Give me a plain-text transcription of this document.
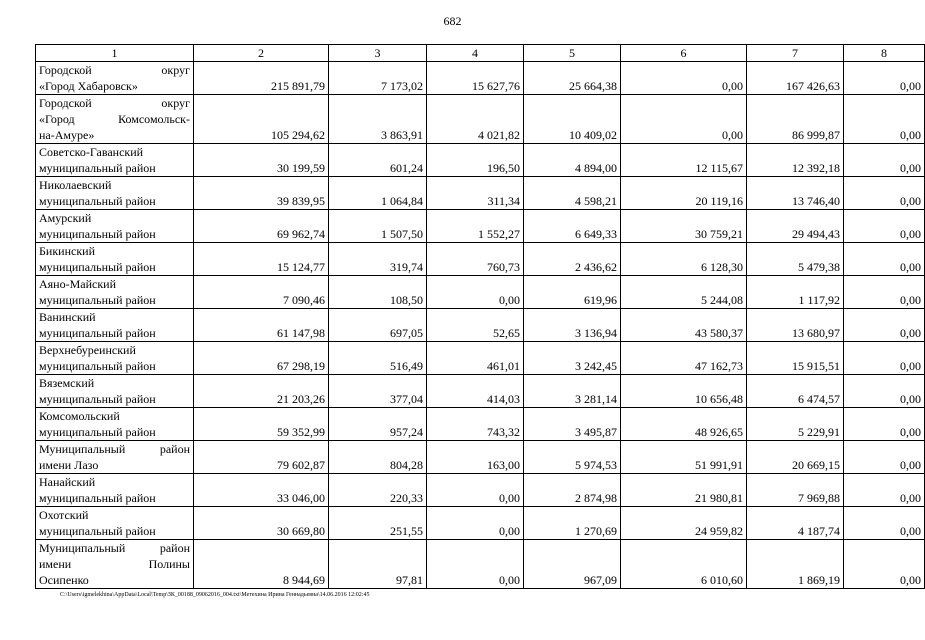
682
1	2	3	4	5	6	7	8

Городской округ
«Город Хабаровск»	215 891,79	7 173,02	15 627,76	25 664,38	0,00	167 426,63	0,00

Городской округ
«Город Комсомольск-
на-Амуре»	105 294,62	3 863,91	4 021,82	10 409,02	0,00	86 999,87	0,00

Советско-Гаванский
муниципальный район	30 199,59	601,24	196,50	4 894,00	12 115,67	12 392,18	0,00

Николаевский
муниципальный район	39 839,95	1 064,84	311,34	4 598,21	20 119,16	13 746,40	0,00

Амурский
муниципальный район	69 962,74	1 507,50	1 552,27	6 649,33	30 759,21	29 494,43	0,00

Бикинский
муниципальный район	15 124,77	319,74	760,73	2 436,62	6 128,30	5 479,38	0,00

Аяно-Майский
муниципальный район	7 090,46	108,50	0,00	619,96	5 244,08	1 117,92	0,00

Ванинский
муниципальный район	61 147,98	697,05	52,65	3 136,94	43 580,37	13 680,97	0,00

Верхнебуреинский
муниципальный район	67 298,19	516,49	461,01	3 242,45	47 162,73	15 915,51	0,00

Вяземский
муниципальный район	21 203,26	377,04	414,03	3 281,14	10 656,48	6 474,57	0,00

Комсомольский
муниципальный район	59 352,99	957,24	743,32	3 495,87	48 926,65	5 229,91	0,00

Муниципальный район
имени Лазо	79 602,87	804,28	163,00	5 974,53	51 991,91	20 669,15	0,00

Нанайский
муниципальный район	33 046,00	220,33	0,00	2 874,98	21 980,81	7 969,88	0,00

Охотский
муниципальный район	30 669,80	251,55	0,00	1 270,69	24 959,82	4 187,74	0,00

Муниципальный район
имени Полины
Осипенко	8 944,69	97,81	0,00	967,09	6 010,60	1 869,19	0,00
C:\Users\igmelekhina\AppData\Local\Temp\ЗК_00188_09062016_004.txt\Метехина Ирина Геннадьевна\14.06.2016 12:02:45
